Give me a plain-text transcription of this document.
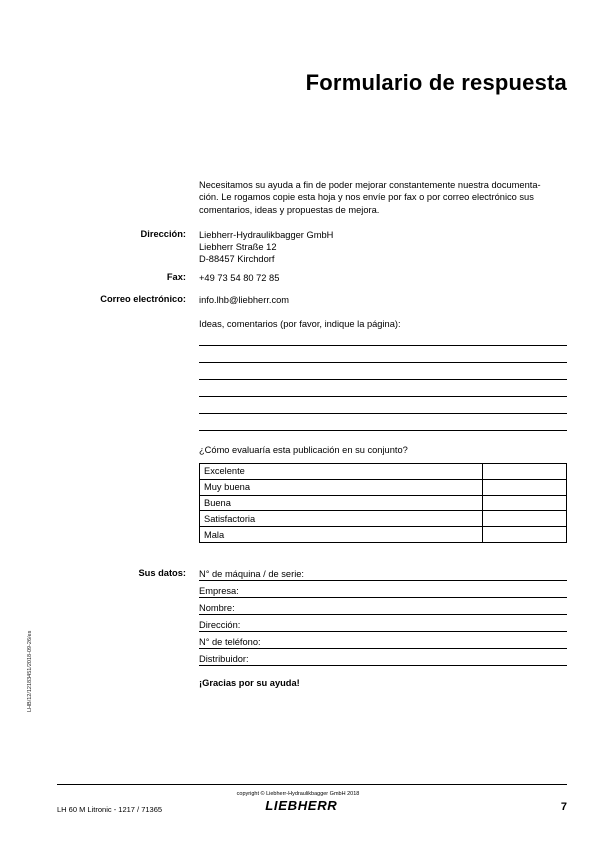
Formulario de respuesta
Necesitamos su ayuda a fin de poder mejorar constantemente nuestra documenta-
ción. Le rogamos copie esta hoja y nos envíe por fax o por correo electrónico sus
comentarios, ideas y propuestas de mejora.
Dirección: Liebherr-Hydraulikbagger GmbH
Liebherr Straße 12
D-88457 Kirchdorf
Fax: +49 73 54 80 72 85
Correo electrónico: info.lhb@liebherr.com
Ideas, comentarios (por favor, indique la página):
¿Cómo evaluaría esta publicación en su conjunto?
Excelente	
Muy buena	
Buena	
Satisfactoria	
Mala	
Sus datos: N° de máquina / de serie:
Empresa:
Nombre:
Dirección:
N° de teléfono:
Distribuidor:
¡Gracias por su ayuda!
LHB/12/12183451/2018-09-26/es
copyright © Liebherr-Hydraulikbagger GmbH 2018
LH 60 M Litronic - 1217 / 71365	LIEBHERR	7
